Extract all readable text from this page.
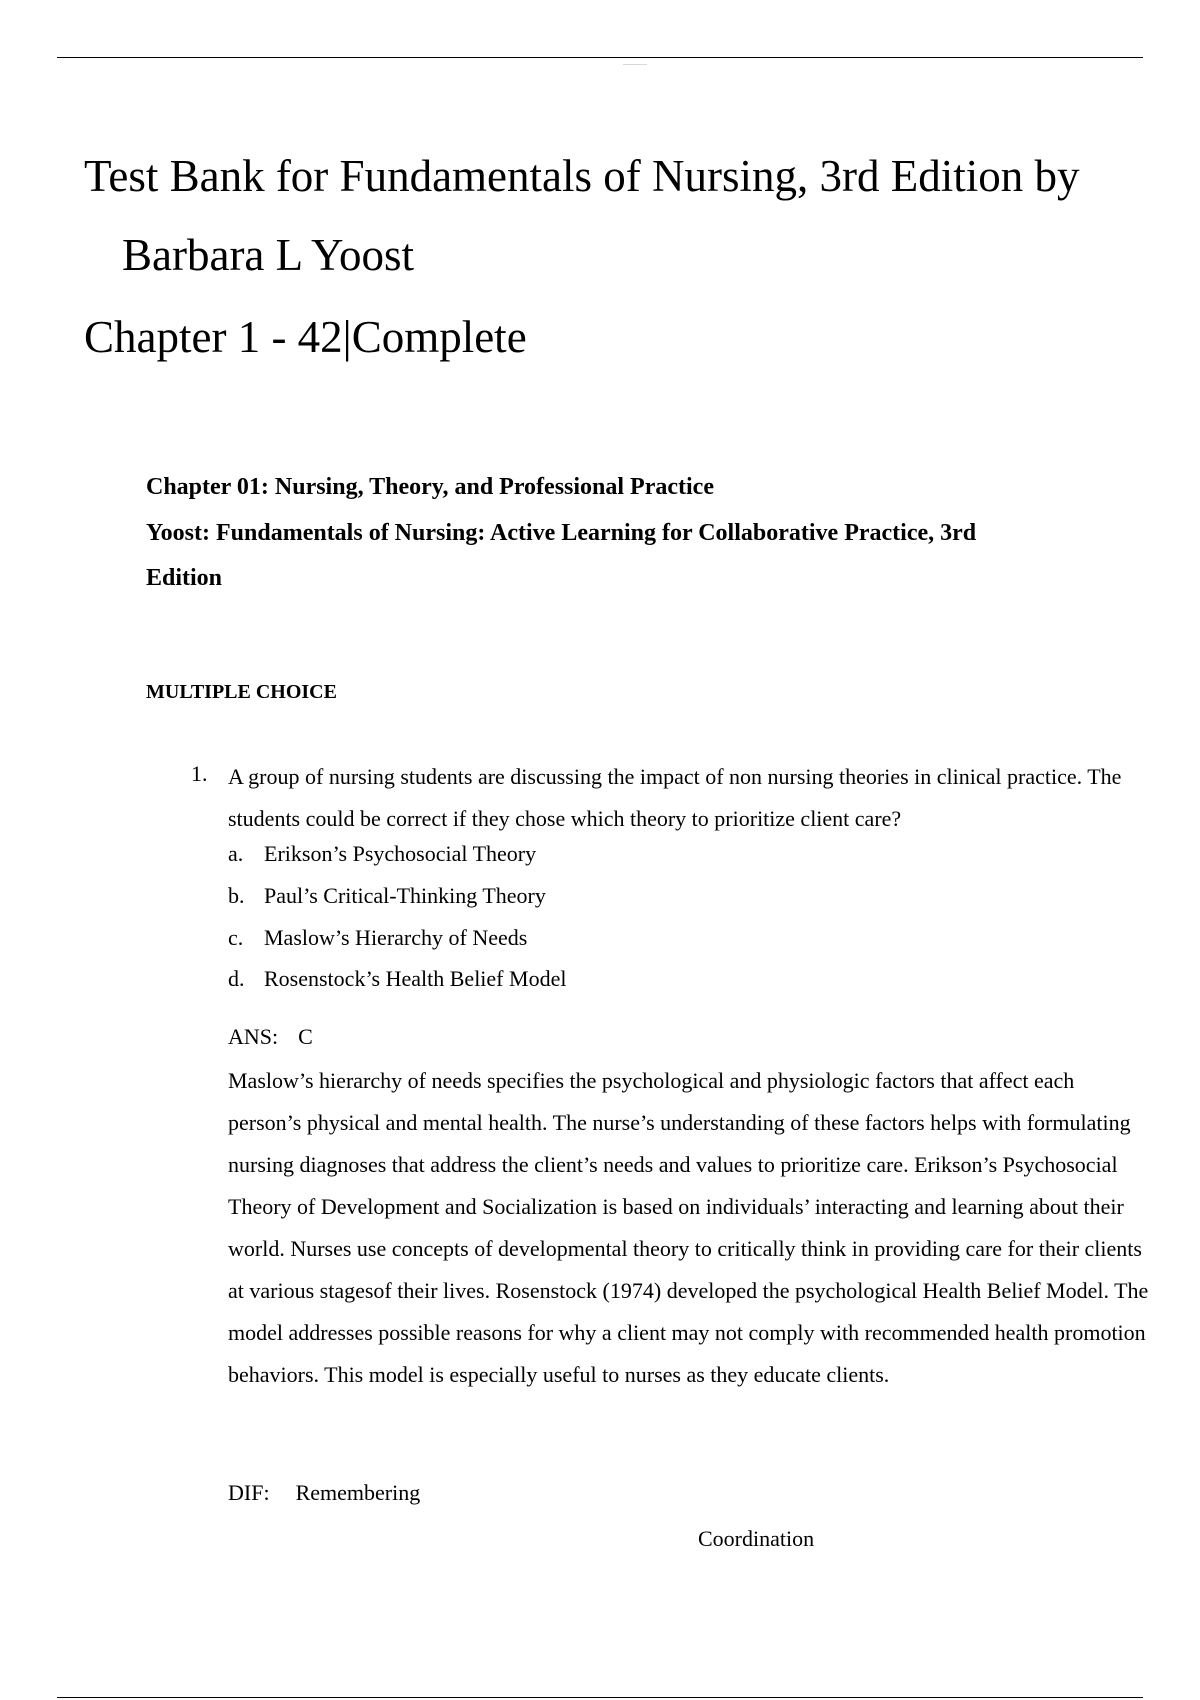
Test Bank for Fundamentals of Nursing, 3rd Edition by
Barbara L Yoost
Chapter 1 - 42|Complete

Chapter 01: Nursing, Theory, and Professional Practice

Yoost: Fundamentals of Nursing: Active Learning for Collaborative Practice, 3rd

Edition

MULTIPLE CHOICE

1. A group of nursing students are discussing the impact of non nursing theories in clinical practice. The students could be correct if they chose which theory to prioritize client care?

a. Erikson’s Psychosocial Theory
b. Paul’s Critical-Thinking Theory
c. Maslow’s Hierarchy of Needs
d. Rosenstock’s Health Belief Model
ANS: C

Maslow’s hierarchy of needs specifies the psychological and physiologic factors that affect each person’s physical and mental health. The nurse’s understanding of these factors helps with formulating nursing diagnoses that address the client’s needs and values to prioritize care. Erikson’s Psychosocial Theory of Development and Socialization is based on individuals’ interacting and learning about their world. Nurses use concepts of developmental theory to critically think in providing care for their clients at various stagesof their lives. Rosenstock (1974) developed the psychological Health Belief Model. The model addresses possible reasons for why a client may not comply with recommended health promotion behaviors. This model is especially useful to nurses as they educate clients.

DIF: Remembering
Coordination
